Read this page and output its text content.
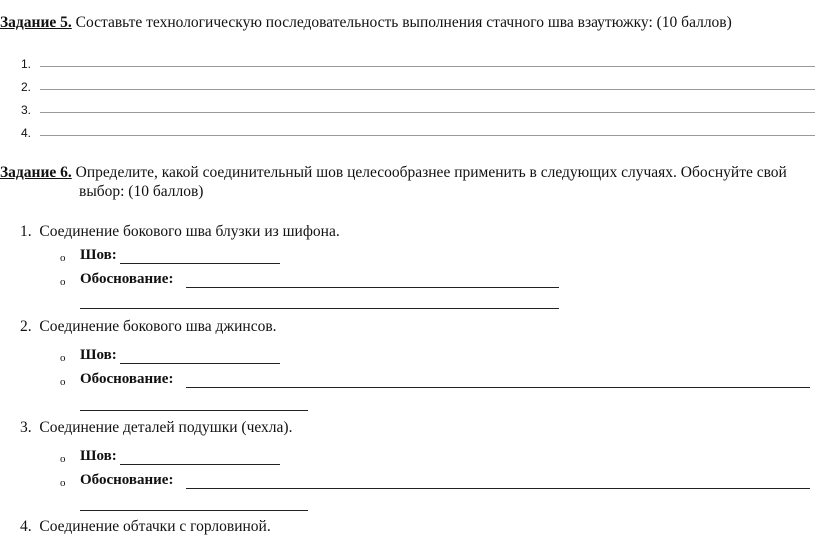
Задание 5. Составьте технологическую последовательность выполнения стачного шва взаутюжку: (10 баллов)
1.
2.
3.
4.
Задание 6. Определите, какой соединительный шов целесообразнее применить в следующих случаях. Обоснуйте свой
выбор: (10 баллов)
1. Соединение бокового шва блузки из шифона.
o Шов:
o Обоснование:
2. Соединение бокового шва джинсов.
o Шов:
o Обоснование:
3. Соединение деталей подушки (чехла).
o Шов:
o Обоснование:
4. Соединение обтачки с горловиной.
